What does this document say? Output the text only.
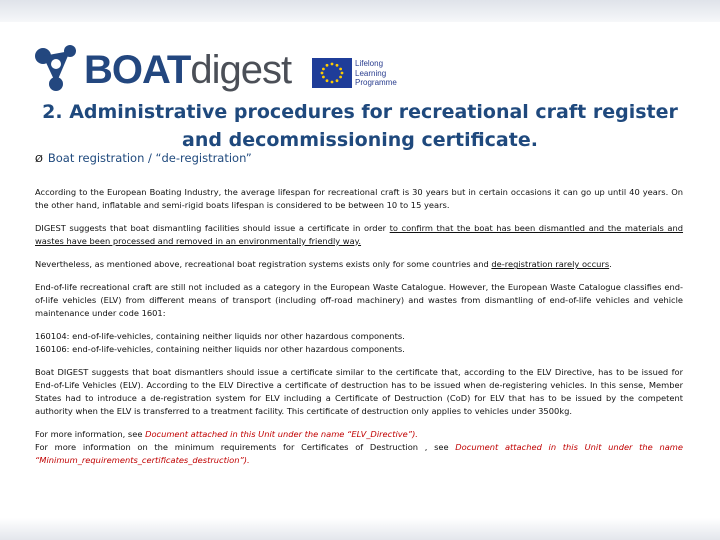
BOATdigest	Lifelong
Learning
Programme
2. Administrative procedures for recreational craft register and decommissioning certificate.
Ø Boat registration / “de-registration”

According to the European Boating Industry, the average lifespan for recreational craft is 30 years but in certain occasions it can go up until 40 years. On the other hand, inflatable and semi-rigid boats lifespan is considered to be between 10 to 15 years.

DIGEST suggests that boat dismantling facilities should issue a certificate in order to confirm that the boat has been dismantled and the materials and wastes have been processed and removed in an environmentally friendly way.

Nevertheless, as mentioned above, recreational boat registration systems exists only for some countries and de-registration rarely occurs.

End-of-life recreational craft are still not included as a category in the European Waste Catalogue. However, the European Waste Catalogue classifies end-of-life vehicles (ELV) from different means of transport (including off-road machinery) and wastes from dismantling of end-of-life vehicles and vehicle maintenance under code 1601:

160104: end-of-life-vehicles, containing neither liquids nor other hazardous components.
160106: end-of-life-vehicles, containing neither liquids nor other hazardous components.

Boat DIGEST suggests that boat dismantlers should issue a certificate similar to the certificate that, according to the ELV Directive, has to be issued for End-of-Life Vehicles (ELV). According to the ELV Directive a certificate of destruction has to be issued when de-registering vehicles. In this sense, Member States had to introduce a de-registration system for ELV including a Certificate of Destruction (CoD) for ELV that has to be issued by the competent authority when the ELV is transferred to a treatment facility. This certificate of destruction only applies to vehicles under 3500kg.

For more information, see Document attached in this Unit under the name “ELV_Directive”).

For more information on the minimum requirements for Certificates of Destruction , see Document attached in this Unit under the name “Minimum_requirements_certificates_destruction”).
